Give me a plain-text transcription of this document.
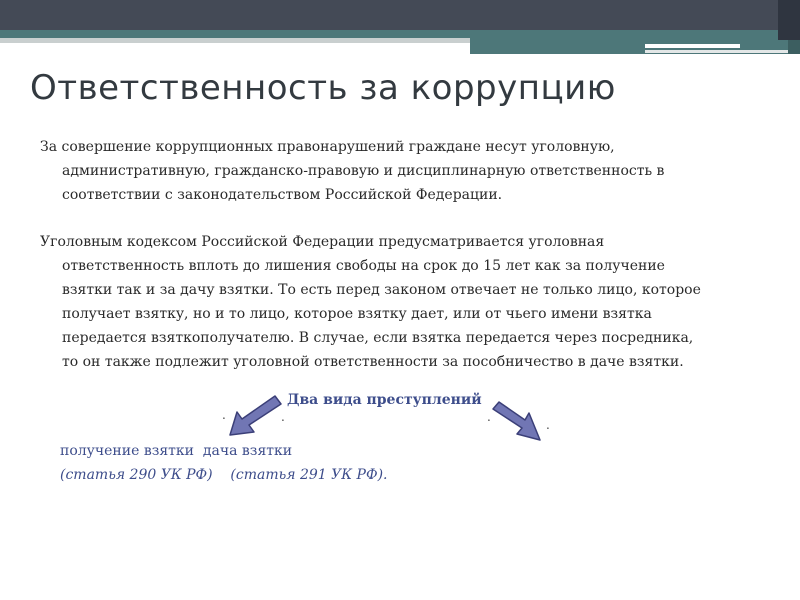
Ответственность за коррупцию
За совершение коррупционных правонарушений граждане несут уголовную,
административную, гражданско-правовую и дисциплинарную ответственность в
соответствии с законодательством Российской Федерации.
Уголовным кодексом Российской Федерации предусматривается уголовная
ответственность вплоть до лишения свободы на срок до 15 лет как за получение
взятки так и за дачу взятки. То есть перед законом отвечает не только лицо, которое
получает взятку, но и то лицо, которое взятку дает, или от чьего имени взятка
передается взяткополучателю. В случае, если взятка передается через посредника,
то он также подлежит уголовной ответственности за пособничество в даче взятки.

Два вида преступлений

.	.	.
.

получение взятки  дача взятки

(статья 290 УК РФ)    (статья 291 УК РФ).
